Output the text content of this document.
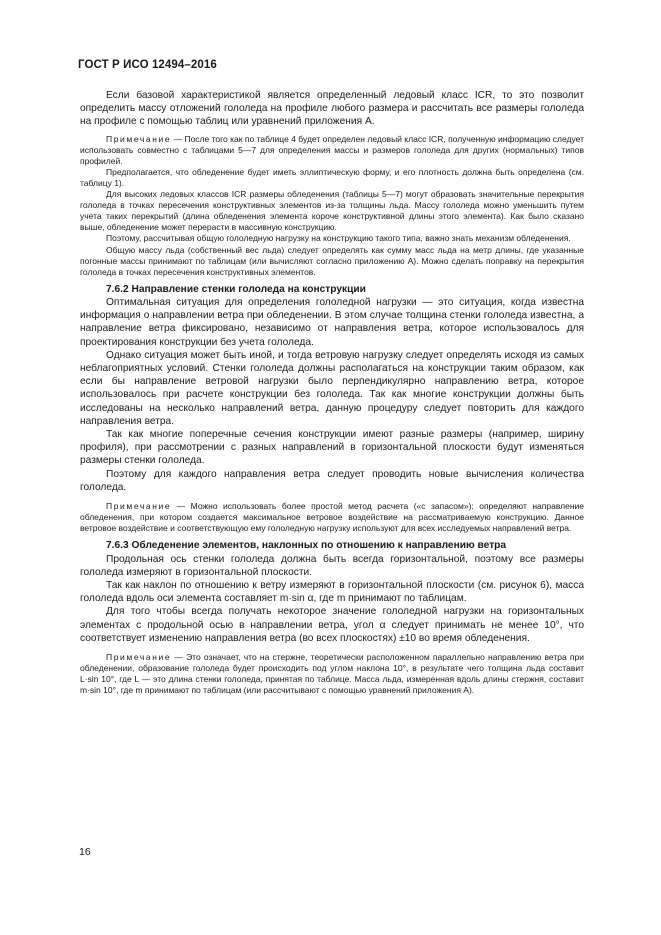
ГОСТ Р ИСО 12494–2016

Если базовой характеристикой является определенный ледовый класс ICR, то это позволит определить массу отложений гололеда на профиле любого размера и рассчитать все размеры гололеда на профиле с помощью таблиц или уравнений приложения А.

Примечание — После того как по таблице 4 будет определен ледовый класс ICR, полученную информацию следует использовать совместно с таблицами 5—7 для определения массы и размеров гололеда для других (нормальных) типов профилей.

Предполагается, что обледенение будет иметь эллиптическую форму, и его плотность должна быть определена (см. таблицу 1).

Для высоких ледовых классов ICR размеры обледенения (таблицы 5—7) могут образовать значительные перекрытия гололеда в точках пересечения конструктивных элементов из-за толщины льда. Массу гололеда можно уменьшить путем учета таких перекрытий (длина обледенения элемента короче конструктивной длины этого элемента). Как было сказано выше, обледенение может перерасти в массивную конструкцию.

Поэтому, рассчитывая общую гололедную нагрузку на конструкцию такого типа, важно знать механизм обледенения.

Общую массу льда (собственный вес льда) следует определять как сумму масс льда на метр длины, где указанные погонные массы принимают по таблицам (или вычисляют согласно приложению А). Можно сделать поправку на перекрытия гололеда в точках пересечения конструктивных элементов.

7.6.2 Направление стенки гололеда на конструкции

Оптимальная ситуация для определения гололедной нагрузки — это ситуация, когда известна информация о направлении ветра при обледенении. В этом случае толщина стенки гололеда известна, а направление ветра фиксировано, независимо от направления ветра, которое использовалось для проектирования конструкции без учета гололеда.

Однако ситуация может быть иной, и тогда ветровую нагрузку следует определять исходя из самых неблагоприятных условий. Стенки гололеда должны располагаться на конструкции таким образом, как если бы направление ветровой нагрузки было перпендикулярно направлению ветра, которое использовалось при расчете конструкции без гололеда. Так как многие конструкции должны быть исследованы на несколько направлений ветра, данную процедуру следует повторить для каждого направления ветра.

Так как многие поперечные сечения конструкции имеют разные размеры (например, ширину профиля), при рассмотрении с разных направлений в горизонтальной плоскости будут изменяться размеры стенки гололеда.

Поэтому для каждого направления ветра следует проводить новые вычисления количества гололеда.

Примечание — Можно использовать более простой метод расчета («с запасом»): определяют направление обледенения, при котором создается максимальное ветровое воздействие на рассматриваемую конструкцию. Данное ветровое воздействие и соответствующую ему гололедную нагрузку используют для всех исследуемых направлений ветра.

7.6.3 Обледенение элементов, наклонных по отношению к направлению ветра

Продольная ось стенки гололеда должна быть всегда горизонтальной, поэтому все размеры гололеда измеряют в горизонтальной плоскости.

Так как наклон по отношению к ветру измеряют в горизонтальной плоскости (см. рисунок 6), масса гололеда вдоль оси элемента составляет m·sin α, где m принимают по таблицам.

Для того чтобы всегда получать некоторое значение гололедной нагрузки на горизонтальных элементах с продольной осью в направлении ветра, угол α следует принимать не менее 10°, что соответствует изменению направления ветра (во всех плоскостях) ±10 во время обледенения.

Примечание — Это означает, что на стержне, теоретически расположенном параллельно направлению ветра при обледенении, образование гололеда будет происходить под углом наклона 10°, в результате чего толщина льда составит L·sin 10°, где L — это длина стенки гололеда, принятая по таблице. Масса льда, измеренная вдоль длины стержня, составит m·sin 10°, где m принимают по таблицам (или рассчитывают с помощью уравнений приложения А).

16
